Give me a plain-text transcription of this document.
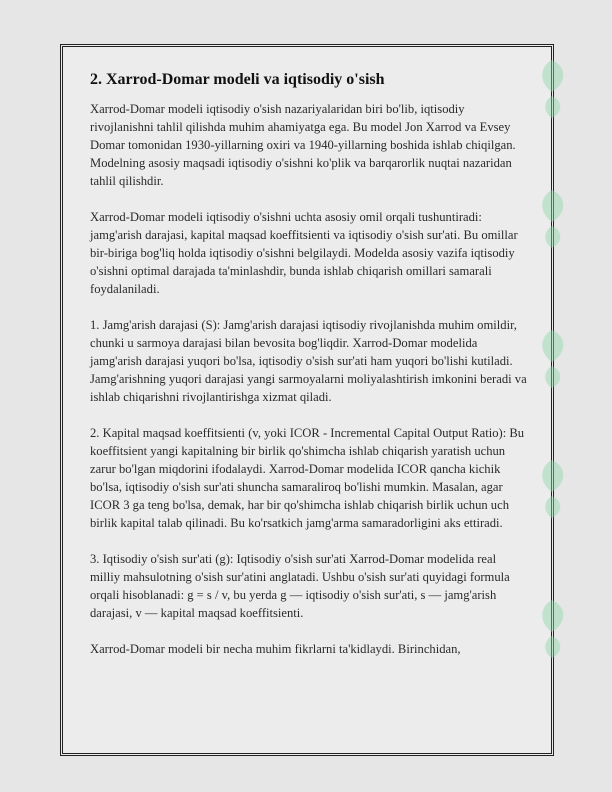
2. Xarrod-Domar modeli va iqtisodiy o'sish

Xarrod-Domar modeli iqtisodiy o'sish nazariyalaridan biri bo'lib, iqtisodiy rivojlanishni tahlil qilishda muhim ahamiyatga ega. Bu model Jon Xarrod va Evsey Domar tomonidan 1930-yillarning oxiri va 1940-yillarning boshida ishlab chiqilgan. Modelning asosiy maqsadi iqtisodiy o'sishni ko'plik va barqarorlik nuqtai nazaridan tahlil qilishdir.

Xarrod-Domar modeli iqtisodiy o'sishni uchta asosiy omil orqali tushuntiradi: jamg'arish darajasi, kapital maqsad koeffitsienti va iqtisodiy o'sish sur'ati. Bu omillar bir-biriga bog'liq holda iqtisodiy o'sishni belgilaydi. Modelda asosiy vazifa iqtisodiy o'sishni optimal darajada ta'minlashdir, bunda ishlab chiqarish omillari samarali foydalaniladi.

1. Jamg'arish darajasi (S): Jamg'arish darajasi iqtisodiy rivojlanishda muhim omildir, chunki u sarmoya darajasi bilan bevosita bog'liqdir. Xarrod-Domar modelida jamg'arish darajasi yuqori bo'lsa, iqtisodiy o'sish sur'ati ham yuqori bo'lishi kutiladi. Jamg'arishning yuqori darajasi yangi sarmoyalarni moliyalashtirish imkonini beradi va ishlab chiqarishni rivojlantirishga xizmat qiladi.

2. Kapital maqsad koeffitsienti (v, yoki ICOR - Incremental Capital Output Ratio): Bu koeffitsient yangi kapitalning bir birlik qo'shimcha ishlab chiqarish yaratish uchun zarur bo'lgan miqdorini ifodalaydi. Xarrod-Domar modelida ICOR qancha kichik bo'lsa, iqtisodiy o'sish sur'ati shuncha samaraliroq bo'lishi mumkin. Masalan, agar ICOR 3 ga teng bo'lsa, demak, har bir qo'shimcha ishlab chiqarish birlik uchun uch birlik kapital talab qilinadi. Bu ko'rsatkich jamg'arma samaradorligini aks ettiradi.

3. Iqtisodiy o'sish sur'ati (g): Iqtisodiy o'sish sur'ati Xarrod-Domar modelida real milliy mahsulotning o'sish sur'atini anglatadi. Ushbu o'sish sur'ati quyidagi formula orqali hisoblanadi: g = s / v, bu yerda g — iqtisodiy o'sish sur'ati, s — jamg'arish darajasi, v — kapital maqsad koeffitsienti.

Xarrod-Domar modeli bir necha muhim fikrlarni ta'kidlaydi. Birinchidan,
